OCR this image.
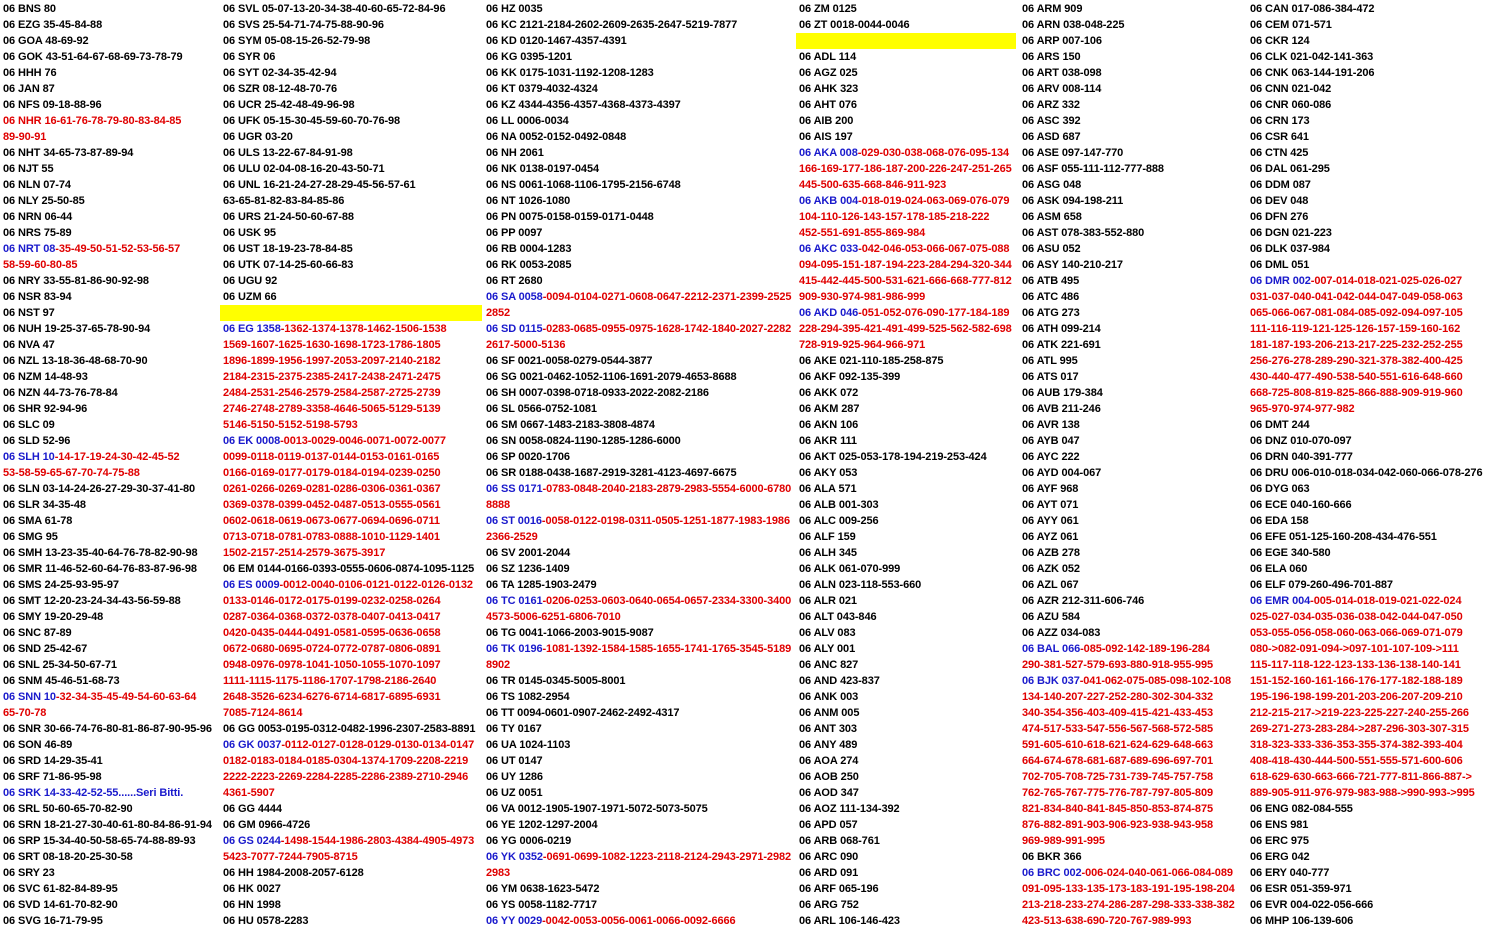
06 BNS 80
06 EZG 35-45-84-88
06 GOA 48-69-92
06 GOK 43-51-64-67-68-69-73-78-79
06 HHH 76
06 JAN 87
06 NFS 09-18-88-96
06 NHR 16-61-76-78-79-80-83-84-85
89-90-91
06 NHT 34-65-73-87-89-94
06 NJT 55
06 NLN 07-74
06 NLY 25-50-85
06 NRN 06-44
06 NRS 75-89
06 NRT 08-35-49-50-51-52-53-56-57
58-59-60-80-85
06 NRY 33-55-81-86-90-92-98
06 NSR 83-94
06 NST 97
06 NUH 19-25-37-65-78-90-94
06 NVA 47
06 NZL 13-18-36-48-68-70-90
06 NZM 14-48-93
06 NZN 44-73-76-78-84
06 SHR 92-94-96
06 SLC 09
06 SLD 52-96
06 SLH 10-14-17-19-24-30-42-45-52
53-58-59-65-67-70-74-75-88
06 SLN 03-14-24-26-27-29-30-37-41-80
06 SLR 34-35-48
06 SMA 61-78
06 SMG 95
06 SMH 13-23-35-40-64-76-78-82-90-98
06 SMR 11-46-52-60-64-76-83-87-96-98
06 SMS 24-25-93-95-97
06 SMT 12-20-23-24-34-43-56-59-88
06 SMY 19-20-29-48
06 SNC 87-89
06 SND 25-42-67
06 SNL 25-34-50-67-71
06 SNM 45-46-51-68-73
06 SNN 10-32-34-35-45-49-54-60-63-64
65-70-78
06 SNR 30-66-74-76-80-81-86-87-90-95-96
06 SON 46-89
06 SRD 14-29-35-41
06 SRF 71-86-95-98
06 SRK 14-33-42-52-55......Seri Bitti.
06 SRL 50-60-65-70-82-90
06 SRN 18-21-27-30-40-61-80-84-86-91-94
06 SRP 15-34-40-50-58-65-74-88-89-93
06 SRT 08-18-20-25-30-58
06 SRY 23
06 SVC 61-82-84-89-95
06 SVD 14-61-70-82-90
06 SVG 16-71-79-95
06 SVL 05-07-13-20-34-38-40-60-65-72-84-96
06 SVS 25-54-71-74-75-88-90-96
06 SYM 05-08-15-26-52-79-98
06 SYR 06
06 SYT 02-34-35-42-94
06 SZR 08-12-48-70-76
06 UCR 25-42-48-49-96-98
06 UFK 05-15-30-45-59-60-70-76-98
06 UGR 03-20
06 ULS 13-22-67-84-91-98
06 ULU 02-04-08-16-20-43-50-71
06 UNL 16-21-24-27-28-29-45-56-57-61
63-65-81-82-83-84-85-86
06 URS 21-24-50-60-67-88
06 USK 95
06 UST 18-19-23-78-84-85
06 UTK 07-14-25-60-66-83
06 UGU 92
06 UZM 66
06 EG 1358-1362-1374-1378-1462-1506-1538
1569-1607-1625-1630-1698-1723-1786-1805
1896-1899-1956-1997-2053-2097-2140-2182
2184-2315-2375-2385-2417-2438-2471-2475
2484-2531-2546-2579-2584-2587-2725-2739
2746-2748-2789-3358-4646-5065-5129-5139
5146-5150-5152-5198-5793
06 EK 0008-0013-0029-0046-0071-0072-0077
0099-0118-0119-0137-0144-0153-0161-0165
0166-0169-0177-0179-0184-0194-0239-0250
0261-0266-0269-0281-0286-0306-0361-0367
0369-0378-0399-0452-0487-0513-0555-0561
0602-0618-0619-0673-0677-0694-0696-0711
0713-0718-0781-0783-0888-1010-1129-1401
1502-2157-2514-2579-3675-3917
06 EM 0144-0166-0393-0555-0606-0874-1095-1125
06 ES 0009-0012-0040-0106-0121-0122-0126-0132
0133-0146-0172-0175-0199-0232-0258-0264
0287-0364-0368-0372-0378-0407-0413-0417
0420-0435-0444-0491-0581-0595-0636-0658
0672-0680-0695-0724-0772-0787-0806-0891
0948-0976-0978-1041-1050-1055-1070-1097
1111-1115-1175-1186-1707-1798-2186-2640
2648-3526-6234-6276-6714-6817-6895-6931
7085-7124-8614
06 GG 0053-0195-0312-0482-1996-2307-2583-8891
06 GK 0037-0112-0127-0128-0129-0130-0134-0147
0182-0183-0184-0185-0304-1374-1709-2208-2219
2222-2223-2269-2284-2285-2286-2389-2710-2946
4361-5907
06 GG 4444
06 GM 0966-4726
06 GS 0244-1498-1544-1986-2803-4384-4905-4973
5423-7077-7244-7905-8715
06 HH 1984-2008-2057-6128
06 HK 0027
06 HN 1998
06 HU 0578-2283
06 HZ 0035
06 KC 2121-2184-2602-2609-2635-2647-5219-7877
06 KD 0120-1467-4357-4391
06 KG 0395-1201
06 KK 0175-1031-1192-1208-1283
06 KT 0379-4032-4324
06 KZ 4344-4356-4357-4368-4373-4397
06 LL 0006-0034
06 NA 0052-0152-0492-0848
06 NH 2061
06 NK 0138-0197-0454
06 NS 0061-1068-1106-1795-2156-6748
06 NT 1026-1080
06 PN 0075-0158-0159-0171-0448
06 PP 0097
06 RB 0004-1283
06 RK 0053-2085
06 RT 2680
06 SA 0058-0094-0104-0271-0608-0647-2212-2371-2399-2525
2852
06 SD 0115-0283-0685-0955-0975-1628-1742-1840-2027-2282
2617-5000-5136
06 SF 0021-0058-0279-0544-3877
06 SG 0021-0462-1052-1106-1691-2079-4653-8688
06 SH 0007-0398-0718-0933-2022-2082-2186
06 SL 0566-0752-1081
06 SM 0667-1483-2183-3808-4874
06 SN 0058-0824-1190-1285-1286-6000
06 SP 0020-1706
06 SR 0188-0438-1687-2919-3281-4123-4697-6675
06 SS 0171-0783-0848-2040-2183-2879-2983-5554-6000-6780
8888
06 ST 0016-0058-0122-0198-0311-0505-1251-1877-1983-1986
2366-2529
06 SV 2001-2044
06 SZ 1236-1409
06 TA 1285-1903-2479
06 TC 0161-0206-0253-0603-0640-0654-0657-2334-3300-3400
4573-5006-6251-6806-7010
06 TG 0041-1066-2003-9015-9087
06 TK 0196-1081-1392-1584-1585-1655-1741-1765-3545-5189
8902
06 TR 0145-0345-5005-8001
06 TS 1082-2954
06 TT 0094-0601-0907-2462-2492-4317
06 TY 0167
06 UA 1024-1103
06 UT 0147
06 UY 1286
06 UZ 0051
06 VA 0012-1905-1907-1971-5072-5073-5075
06 YE 1202-1297-2004
06 YG 0006-0219
06 YK 0352-0691-0699-1082-1223-2118-2124-2943-2971-2982
2983
06 YM 0638-1623-5472
06 YS 0058-1182-7717
06 YY 0029-0042-0053-0056-0061-0066-0092-6666
06 ZM 0125
06 ZT 0018-0044-0046
06 ADL 114
06 AGZ 025
06 AHK 323
06 AHT 076
06 AIB 200
06 AIS 197
06 AKA 008-029-030-038-068-076-095-134
166-169-177-186-187-200-226-247-251-265
445-500-635-668-846-911-923
06 AKB 004-018-019-024-063-069-076-079
104-110-126-143-157-178-185-218-222
452-551-691-855-869-984
06 AKC 033-042-046-053-066-067-075-088
094-095-151-187-194-223-284-294-320-344
415-442-445-500-531-621-666-668-777-812
909-930-974-981-986-999
06 AKD 046-051-052-076-090-177-184-189
228-294-395-421-491-499-525-562-582-698
728-919-925-964-966-971
06 AKE 021-110-185-258-875
06 AKF 092-135-399
06 AKK 072
06 AKM 287
06 AKN 106
06 AKR 111
06 AKT 025-053-178-194-219-253-424
06 AKY 053
06 ALA 571
06 ALB 001-303
06 ALC 009-256
06 ALF 159
06 ALH 345
06 ALK 061-070-999
06 ALN 023-118-553-660
06 ALR 021
06 ALT 043-846
06 ALV 083
06 ALY 001
06 ANC 827
06 AND 423-837
06 ANK 003
06 ANM 005
06 ANT 303
06 ANY 489
06 AOA 274
06 AOB 250
06 AOD 347
06 AOZ 111-134-392
06 APD 057
06 ARB 068-761
06 ARC 090
06 ARD 091
06 ARF 065-196
06 ARG 752
06 ARL 106-146-423
06 ARM 909
06 ARN 038-048-225
06 ARP 007-106
06 ARS 150
06 ART 038-098
06 ARV 008-114
06 ARZ 332
06 ASC 392
06 ASD 687
06 ASE 097-147-770
06 ASF 055-111-112-777-888
06 ASG 048
06 ASK 094-198-211
06 ASM 658
06 AST 078-383-552-880
06 ASU 052
06 ASY 140-210-217
06 ATB 495
06 ATC 486
06 ATG 273
06 ATH 099-214
06 ATK 221-691
06 ATL 995
06 ATS 017
06 AUB 179-384
06 AVB 211-246
06 AVR 138
06 AYB 047
06 AYC 222
06 AYD 004-067
06 AYF 968
06 AYT 071
06 AYY 061
06 AYZ 061
06 AZB 278
06 AZK 052
06 AZL 067
06 AZR 212-311-606-746
06 AZU 584
06 AZZ 034-083
06 BAL 066-085-092-142-189-196-284
290-381-527-579-693-880-918-955-995
06 BJK 037-041-062-075-085-098-102-108
134-140-207-227-252-280-302-304-332
340-354-356-403-409-415-421-433-453
474-517-533-547-556-567-568-572-585
591-605-610-618-621-624-629-648-663
664-674-678-681-687-689-696-697-701
702-705-708-725-731-739-745-757-758
762-765-767-775-776-787-797-805-809
821-834-840-841-845-850-853-874-875
876-882-891-903-906-923-938-943-958
969-989-991-995
06 BKR 366
06 BRC 002-006-024-040-061-066-084-089
091-095-133-135-173-183-191-195-198-204
213-218-233-274-286-287-298-333-338-382
423-513-638-690-720-767-989-993
06 CAN 017-086-384-472
06 CEM 071-571
06 CKR 124
06 CLK 021-042-141-363
06 CNK 063-144-191-206
06 CNN 021-042
06 CNR 060-086
06 CRN 173
06 CSR 641
06 CTN 425
06 DAL 061-295
06 DDM 087
06 DEV 048
06 DFN 276
06 DGN 021-223
06 DLK 037-984
06 DML 051
06 DMR 002-007-014-018-021-025-026-027
031-037-040-041-042-044-047-049-058-063
065-066-067-081-084-085-092-094-097-105
111-116-119-121-125-126-157-159-160-162
181-187-193-206-213-217-225-232-252-255
256-276-278-289-290-321-378-382-400-425
430-440-477-490-538-540-551-616-648-660
668-725-808-819-825-866-888-909-919-960
965-970-974-977-982
06 DMT 244
06 DNZ 010-070-097
06 DRN 040-391-777
06 DRU 006-010-018-034-042-060-066-078-276
06 DYG 063
06 ECE 040-160-666
06 EDA 158
06 EFE 051-125-160-208-434-476-551
06 EGE 340-580
06 ELA 060
06 ELF 079-260-496-701-887
06 EMR 004-005-014-018-019-021-022-024
025-027-034-035-036-038-042-044-047-050
053-055-056-058-060-063-066-069-071-079
080->082-091-094->097-101-107-109->111
115-117-118-122-123-133-136-138-140-141
151-152-160-161-166-176-177-182-188-189
195-196-198-199-201-203-206-207-209-210
212-215-217->219-223-225-227-240-255-266
269-271-273-283-284->287-296-303-307-315
318-323-333-336-353-355-374-382-393-404
408-418-430-444-500-551-555-571-600-606
618-629-630-663-666-721-777-811-866-887->
889-905-911-976-979-983-988->990-993->995
06 ENG 082-084-555
06 ENS 981
06 ERC 975
06 ERG 042
06 ERY 040-777
06 ESR 051-359-971
06 EVR 004-022-056-666
06 MHP 106-139-606
